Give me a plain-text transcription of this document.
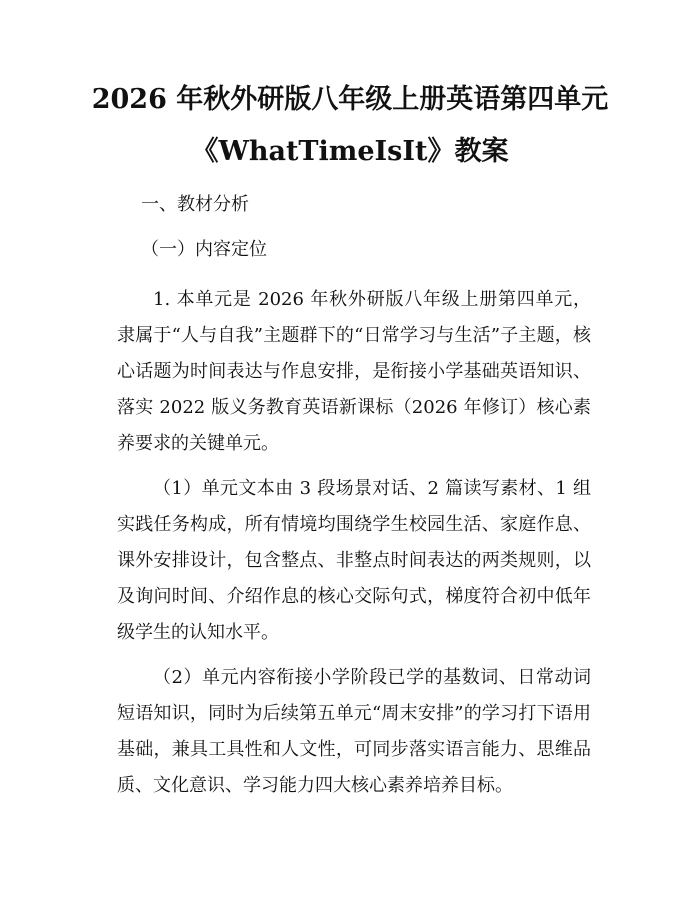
2026 年秋外研版八年级上册英语第四单元
《WhatTimeIsIt》教案
一、教材分析
（一）内容定位
1. 本单元是 2026 年秋外研版八年级上册第四单元，隶属于“人与自我”主题群下的“日常学习与生活”子主题，核心话题为时间表达与作息安排，是衔接小学基础英语知识、落实 2022 版义务教育英语新课标（2026 年修订）核心素养要求的关键单元。
（1）单元文本由 3 段场景对话、2 篇读写素材、1 组实践任务构成，所有情境均围绕学生校园生活、家庭作息、课外安排设计，包含整点、非整点时间表达的两类规则，以及询问时间、介绍作息的核心交际句式，梯度符合初中低年级学生的认知水平。
（2）单元内容衔接小学阶段已学的基数词、日常动词短语知识，同时为后续第五单元“周末安排”的学习打下语用基础，兼具工具性和人文性，可同步落实语言能力、思维品质、文化意识、学习能力四大核心素养培养目标。
